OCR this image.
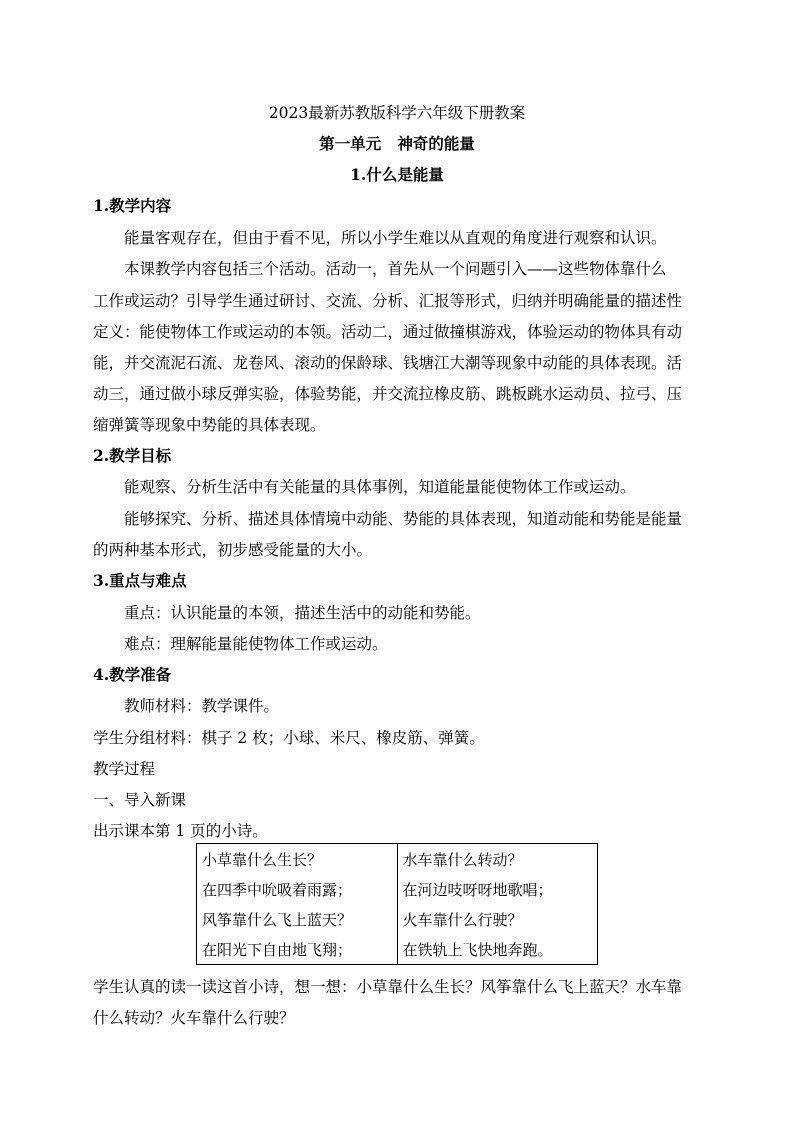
2023最新苏教版科学六年级下册教案
第一单元   神奇的能量
1.什么是能量
1.教学内容
能量客观存在，但由于看不见，所以小学生难以从直观的角度进行观察和认识。
本课教学内容包括三个活动。活动一，首先从一个问题引入——这些物体靠什么
工作或运动？引导学生通过研讨、交流、分析、汇报等形式，归纳并明确能量的描述性
定义：能使物体工作或运动的本领。活动二，通过做撞棋游戏，体验运动的物体具有动
能，并交流泥石流、龙卷风、滚动的保龄球、钱塘江大潮等现象中动能的具体表现。活
动三，通过做小球反弹实验，体验势能，并交流拉橡皮筋、跳板跳水运动员、拉弓、压
缩弹簧等现象中势能的具体表现。
2.教学目标
能观察、分析生活中有关能量的具体事例，知道能量能使物体工作或运动。
能够探究、分析、描述具体情境中动能、势能的具体表现，知道动能和势能是能量
的两种基本形式，初步感受能量的大小。
3.重点与难点
重点：认识能量的本领，描述生活中的动能和势能。
难点：理解能量能使物体工作或运动。
4.教学准备
教师材料：教学课件。
学生分组材料：棋子 2 枚；小球、米尺、橡皮筋、弹簧。
教学过程
一、导入新课
出示课本第 1 页的小诗。
小草靠什么生长？	水车靠什么转动？
在四季中吮吸着雨露；	在河边吱呀呀地歌唱；
风筝靠什么飞上蓝天？	火车靠什么行驶？
在阳光下自由地飞翔；	在铁轨上飞快地奔跑。
学生认真的读一读这首小诗，想一想：小草靠什么生长？风筝靠什么飞上蓝天？水车靠
什么转动？火车靠什么行驶？
